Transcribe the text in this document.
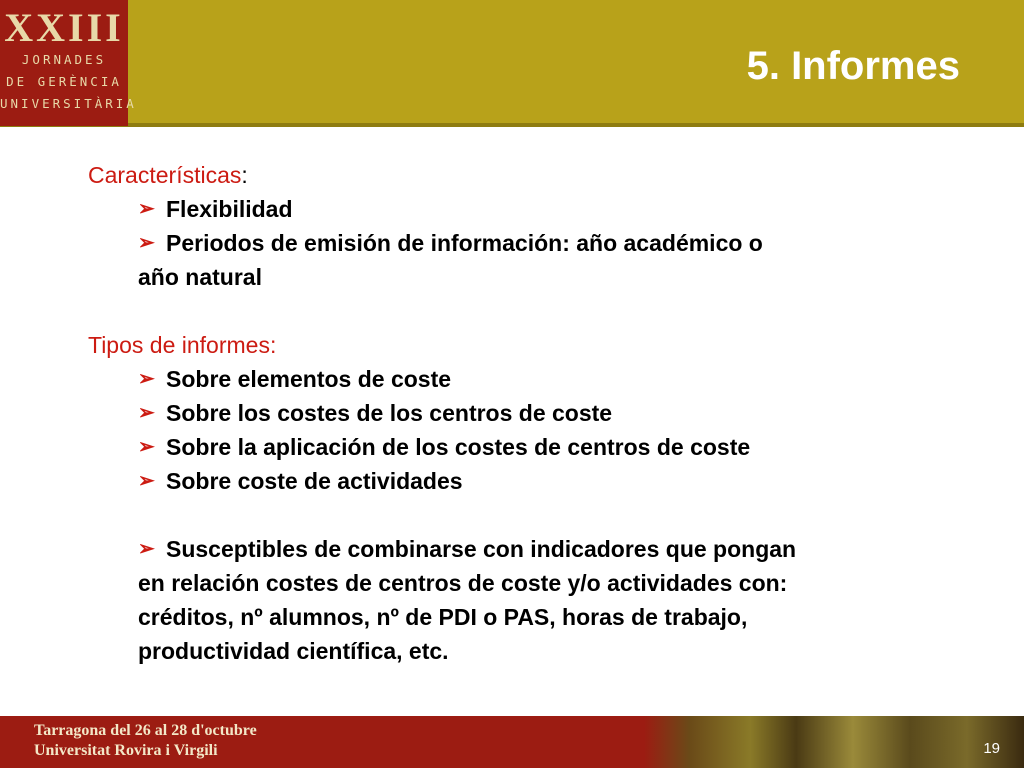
XXIII
JORNADES
DE GERÈNCIA
UNIVERSITÀRIA
5. Informes
Características:
➢ Flexibilidad
➢ Periodos de emisión de información: año académico o
año natural
Tipos de informes:
➢ Sobre elementos de coste
➢ Sobre los costes de los centros de coste
➢ Sobre la aplicación de los costes de centros de coste
➢ Sobre coste de actividades
➢ Susceptibles de combinarse con indicadores que pongan
en relación costes de centros de coste y/o actividades con:
créditos, nº alumnos, nº de PDI o PAS, horas de trabajo,
productividad científica, etc.
Tarragona del 26 al 28 d'octubre
Universitat Rovira i Virgili	19
